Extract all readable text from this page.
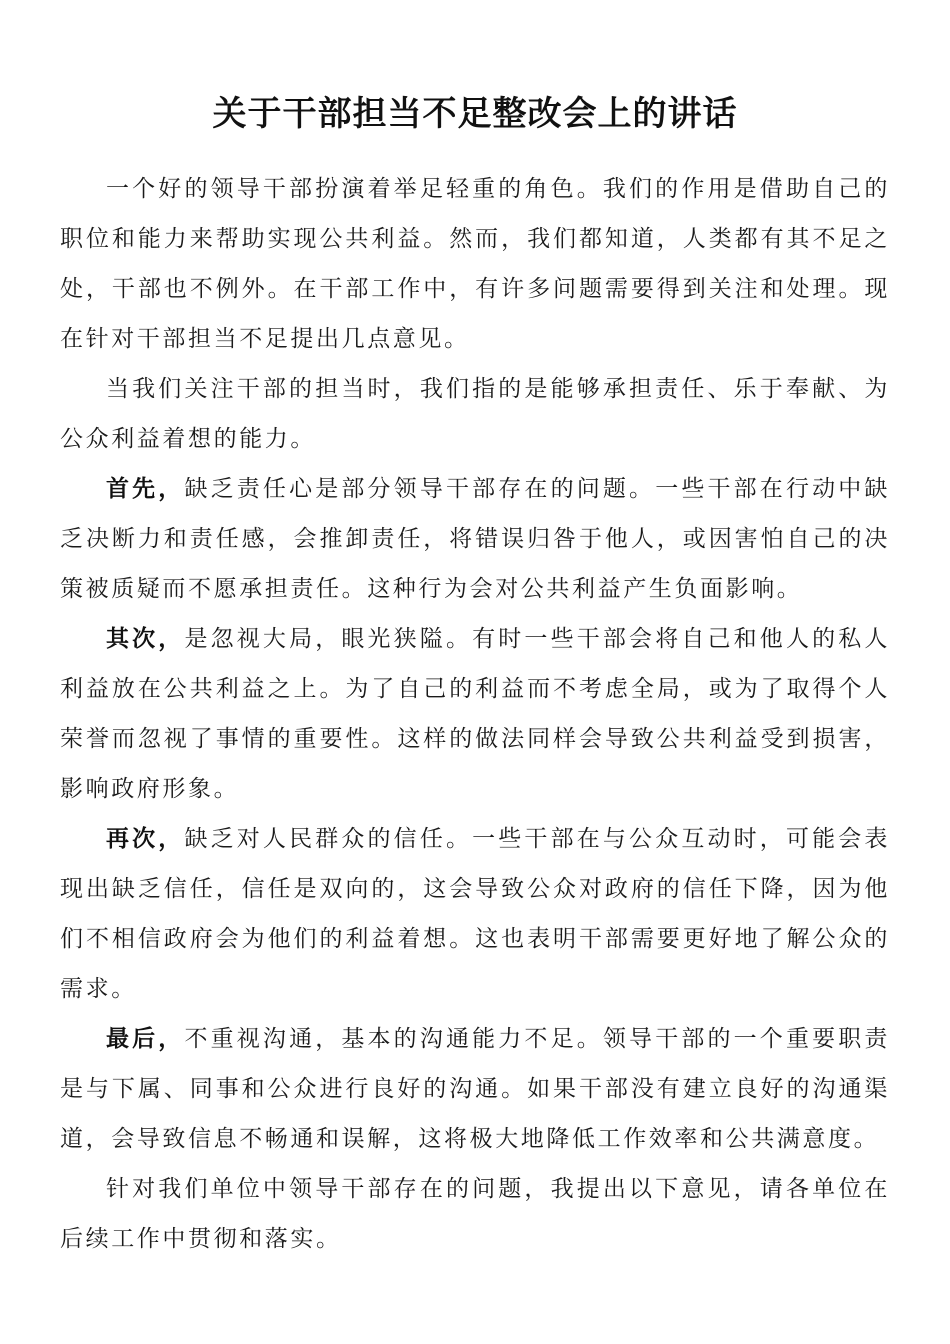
关于干部担当不足整改会上的讲话

一个好的领导干部扮演着举足轻重的角色。我们的作用是借助自己的职位和能力来帮助实现公共利益。然而，我们都知道，人类都有其不足之处，干部也不例外。在干部工作中，有许多问题需要得到关注和处理。现在针对干部担当不足提出几点意见。

当我们关注干部的担当时，我们指的是能够承担责任、乐于奉献、为公众利益着想的能力。

首先，缺乏责任心是部分领导干部存在的问题。一些干部在行动中缺乏决断力和责任感，会推卸责任，将错误归咎于他人，或因害怕自己的决策被质疑而不愿承担责任。这种行为会对公共利益产生负面影响。

其次，是忽视大局，眼光狭隘。有时一些干部会将自己和他人的私人利益放在公共利益之上。为了自己的利益而不考虑全局，或为了取得个人荣誉而忽视了事情的重要性。这样的做法同样会导致公共利益受到损害，影响政府形象。

再次，缺乏对人民群众的信任。一些干部在与公众互动时，可能会表现出缺乏信任，信任是双向的，这会导致公众对政府的信任下降，因为他们不相信政府会为他们的利益着想。这也表明干部需要更好地了解公众的需求。

最后，不重视沟通，基本的沟通能力不足。领导干部的一个重要职责是与下属、同事和公众进行良好的沟通。如果干部没有建立良好的沟通渠道，会导致信息不畅通和误解，这将极大地降低工作效率和公共满意度。

针对我们单位中领导干部存在的问题，我提出以下意见，请各单位在后续工作中贯彻和落实。
